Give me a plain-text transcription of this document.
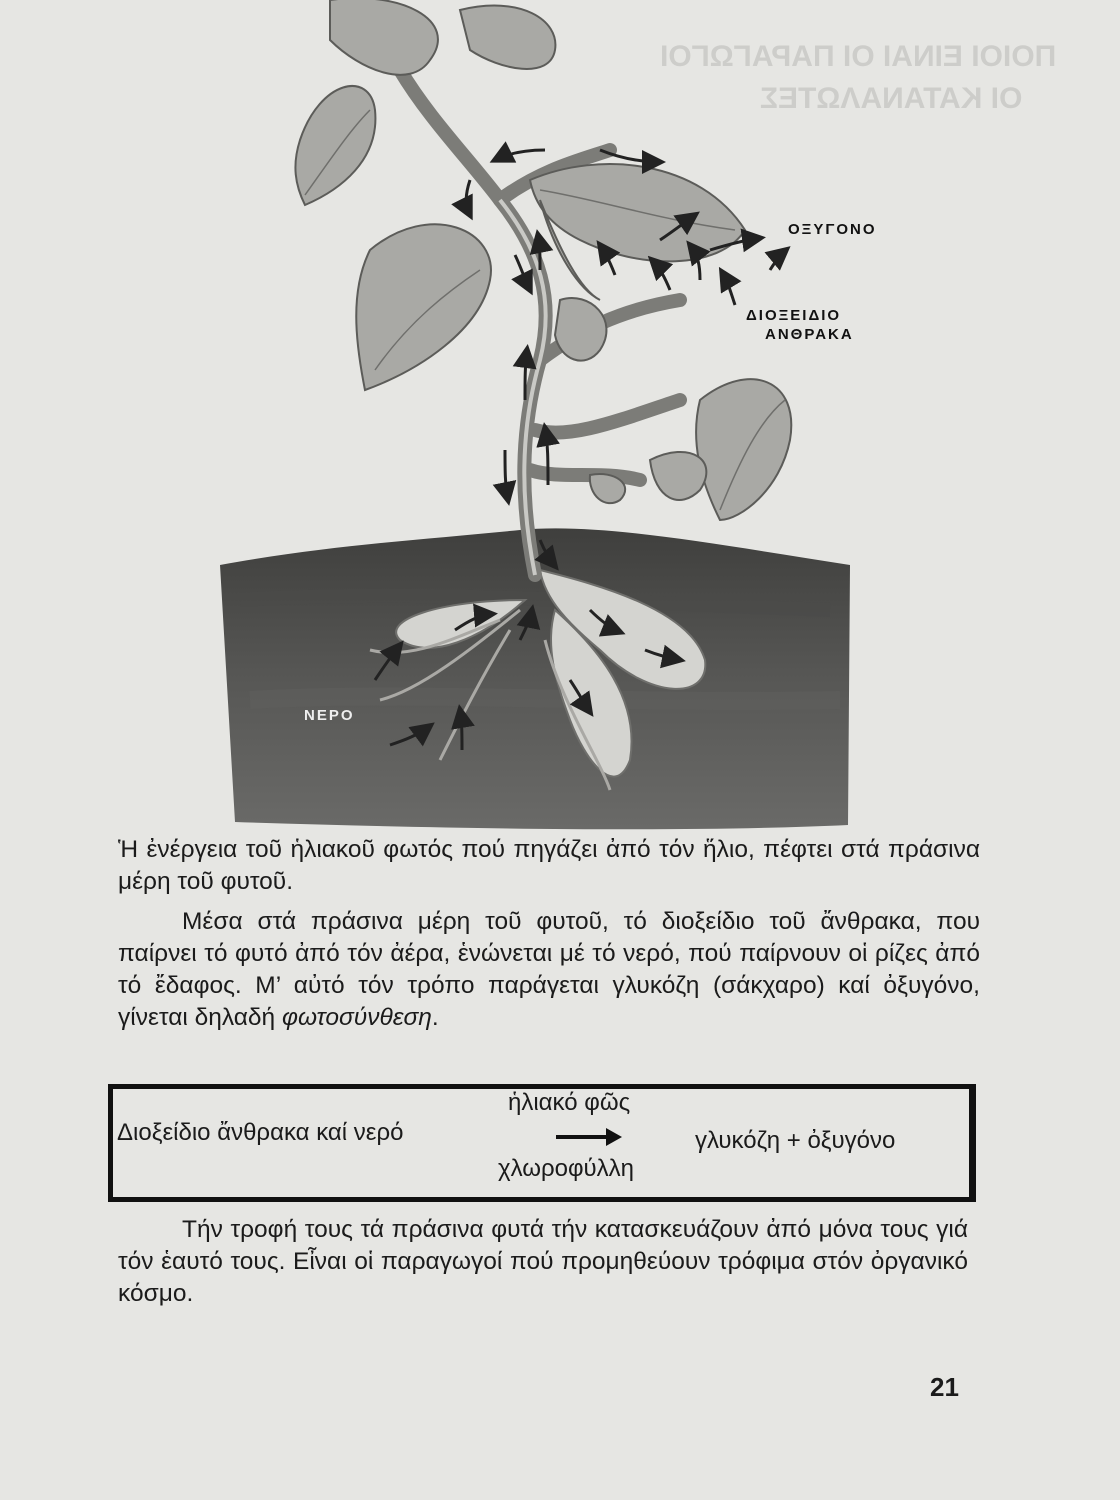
ΠΟΙΟΙ ΕΙΝΑΙ ΟΙ ΠΑΡΑΓΩΓΟΙ
ΟΙ ΚΑΤΑΝΑΛΩΤΕΣ
ΟΞΥΓΟΝΟ
ΔΙΟΞΕΙΔΙΟ
ΑΝΘΡΑΚΑ
ΝΕΡΟ

Ἡ ἐνέργεια τοῦ ἡλιακοῦ φωτός πού πηγάζει ἀπό τόν ἥλιο, πέφτει στά πράσινα μέρη τοῦ φυτοῦ.

Μέσα στά πράσινα μέρη τοῦ φυτοῦ, τό διοξείδιο τοῦ ἄνθρακα, που παίρνει τό φυτό ἀπό τόν ἀέρα, ἑνώνεται μέ τό νερό, πού παίρνουν οἱ ρίζες ἀπό τό ἔδαφος. Μ’ αὐτό τόν τρόπο παράγεται γλυκόζη (σάκχαρο) καί ὀξυγόνο, γίνεται δηλαδή φωτοσύνθεση.

Διοξείδιο ἄνθρακα καί νερό
ἡλιακό φῶς
χλωροφύλλη
γλυκόζη + ὀξυγόνο

Τήν τροφή τους τά πράσινα φυτά τήν κατασκευάζουν ἀπό μόνα τους γιά τόν ἑαυτό τους. Εἶναι οἱ παραγωγοί πού προμηθεύουν τρόφιμα στόν ὀργανικό κόσμο.

21
